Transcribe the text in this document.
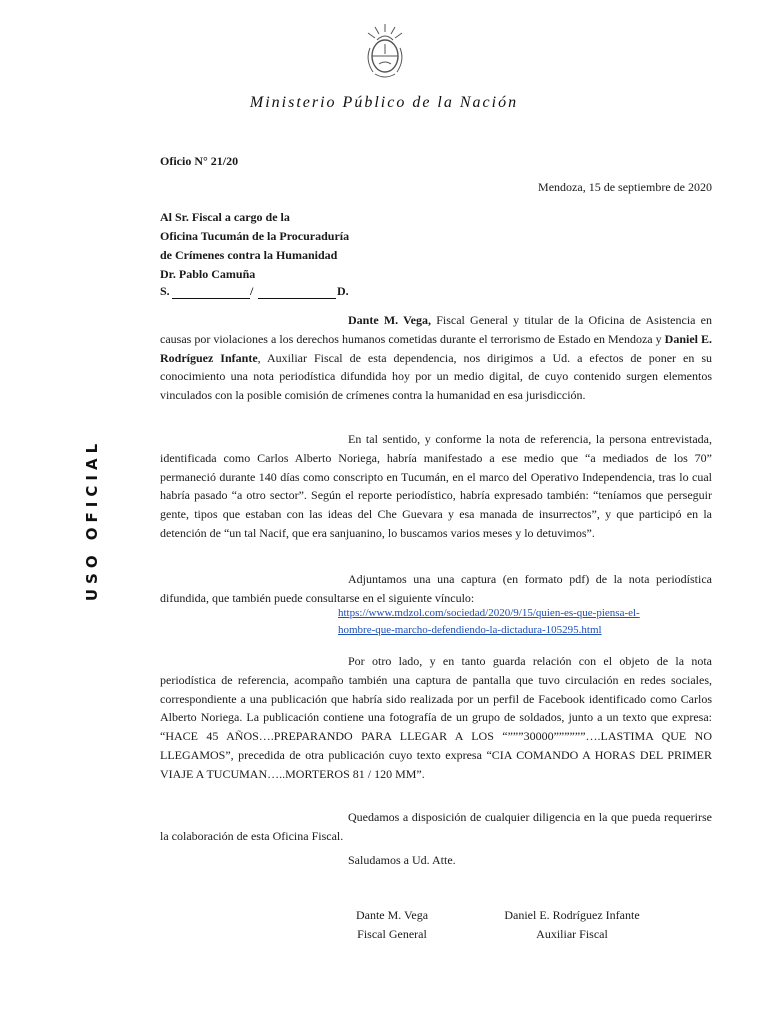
Ministerio Público de la Nación
USO OFICIAL
Oficio N° 21/20
Mendoza, 15 de septiembre de 2020
Al Sr. Fiscal a cargo de la
Oficina Tucumán de la Procuraduría
de Crímenes contra la Humanidad
Dr. Pablo Camuña
S.	/	D.
Dante M. Vega, Fiscal General y titular de la Oficina de Asistencia en causas por violaciones a los derechos humanos cometidas durante el terrorismo de Estado en Mendoza y Daniel E. Rodríguez Infante, Auxiliar Fiscal de esta dependencia, nos dirigimos a Ud. a efectos de poner en su conocimiento una nota periodística difundida hoy por un medio digital, de cuyo contenido surgen elementos vinculados con la posible comisión de crímenes contra la humanidad en esa jurisdicción.
En tal sentido, y conforme la nota de referencia, la persona entrevistada, identificada como Carlos Alberto Noriega, habría manifestado a ese medio que “a mediados de los 70” permaneció durante 140 días como conscripto en Tucumán, en el marco del Operativo Independencia, tras lo cual habría pasado “a otro sector”. Según el reporte periodístico, habría expresado también: “teníamos que perseguir gente, tipos que estaban con las ideas del Che Guevara y esa manada de insurrectos”, y que participó en la detención de “un tal Nacif, que era sanjuanino, lo buscamos varios meses y lo detuvimos”.
Adjuntamos una una captura (en formato pdf) de la nota periodística difundida, que también puede consultarse en el siguiente vínculo:
https://www.mdzol.com/sociedad/2020/9/15/quien-es-que-piensa-el-
hombre-que-marcho-defendiendo-la-dictadura-105295.html
Por otro lado, y en tanto guarda relación con el objeto de la nota periodística de referencia, acompaño también una captura de pantalla que tuvo circulación en redes sociales, correspondiente a una publicación que habría sido realizada por un perfil de Facebook identificado como Carlos Alberto Noriega. La publicación contiene una fotografía de un grupo de soldados, junto a un texto que expresa: “HACE 45 AÑOS….PREPARANDO PARA LLEGAR A LOS “”””30000””””””….LASTIMA QUE NO LLEGAMOS”, precedida de otra publicación cuyo texto expresa “CIA COMANDO A HORAS DEL PRIMER VIAJE A TUCUMAN…..MORTEROS 81 / 120 MM”.
Quedamos a disposición de cualquier diligencia en la que pueda requerirse la colaboración de esta Oficina Fiscal.
Saludamos a Ud. Atte.
Dante M. Vega
Fiscal General
Daniel E. Rodríguez Infante
Auxiliar Fiscal
